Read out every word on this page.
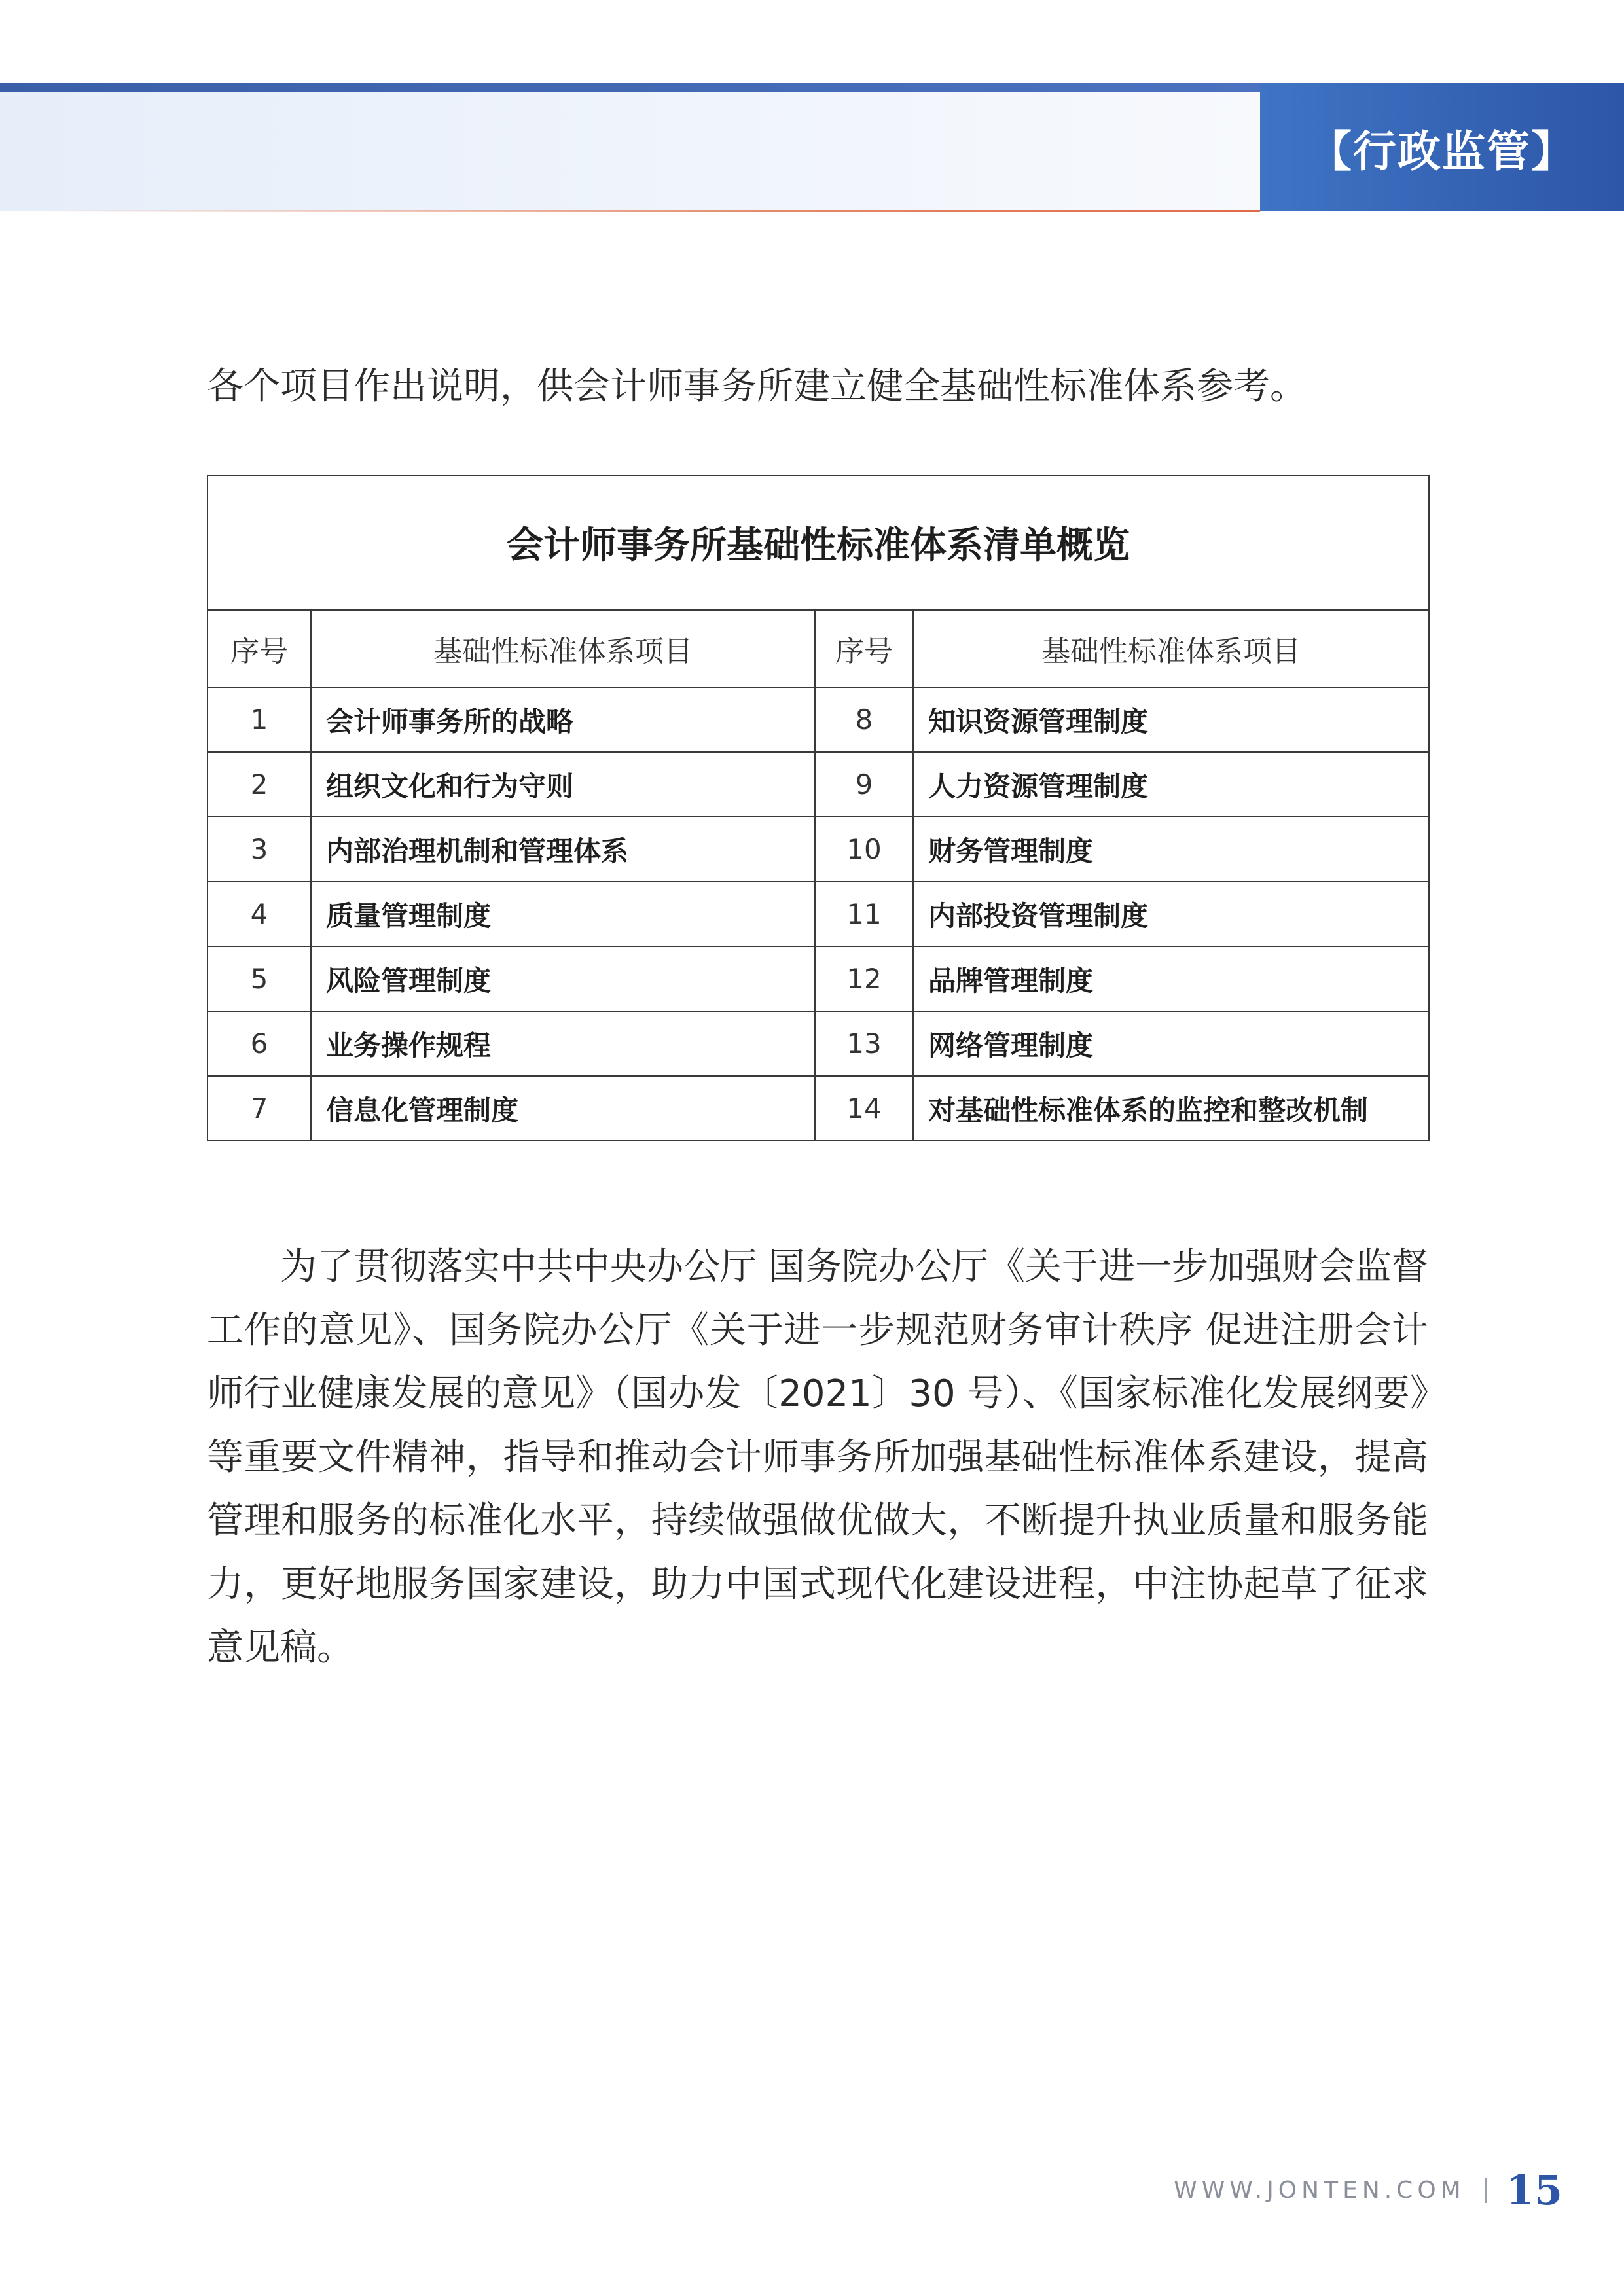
【行政监管】
各个项目作出说明，供会计师事务所建立健全基础性标准体系参考。
会计师事务所基础性标准体系清单概览			
序号	基础性标准体系项目	序号	基础性标准体系项目
1	会计师事务所的战略	8	知识资源管理制度
2	组织文化和行为守则	9	人力资源管理制度
3	内部治理机制和管理体系	10	财务管理制度
4	质量管理制度	11	内部投资管理制度
5	风险管理制度	12	品牌管理制度
6	业务操作规程	13	网络管理制度
7	信息化管理制度	14	对基础性标准体系的监控和整改机制
为了贯彻落实中共中央办公厅 国务院办公厅《关于进一步加强财会监督工作的意见》、国务院办公厅《关于进一步规范财务审计秩序 促进注册会计师行业健康发展的意见》（国办发〔2021〕30 号）、《国家标准化发展纲要》等重要文件精神，指导和推动会计师事务所加强基础性标准体系建设，提高管理和服务的标准化水平，持续做强做优做大，不断提升执业质量和服务能力，更好地服务国家建设，助力中国式现代化建设进程，中注协起草了征求意见稿。
WWW.JONTEN.COM 15
